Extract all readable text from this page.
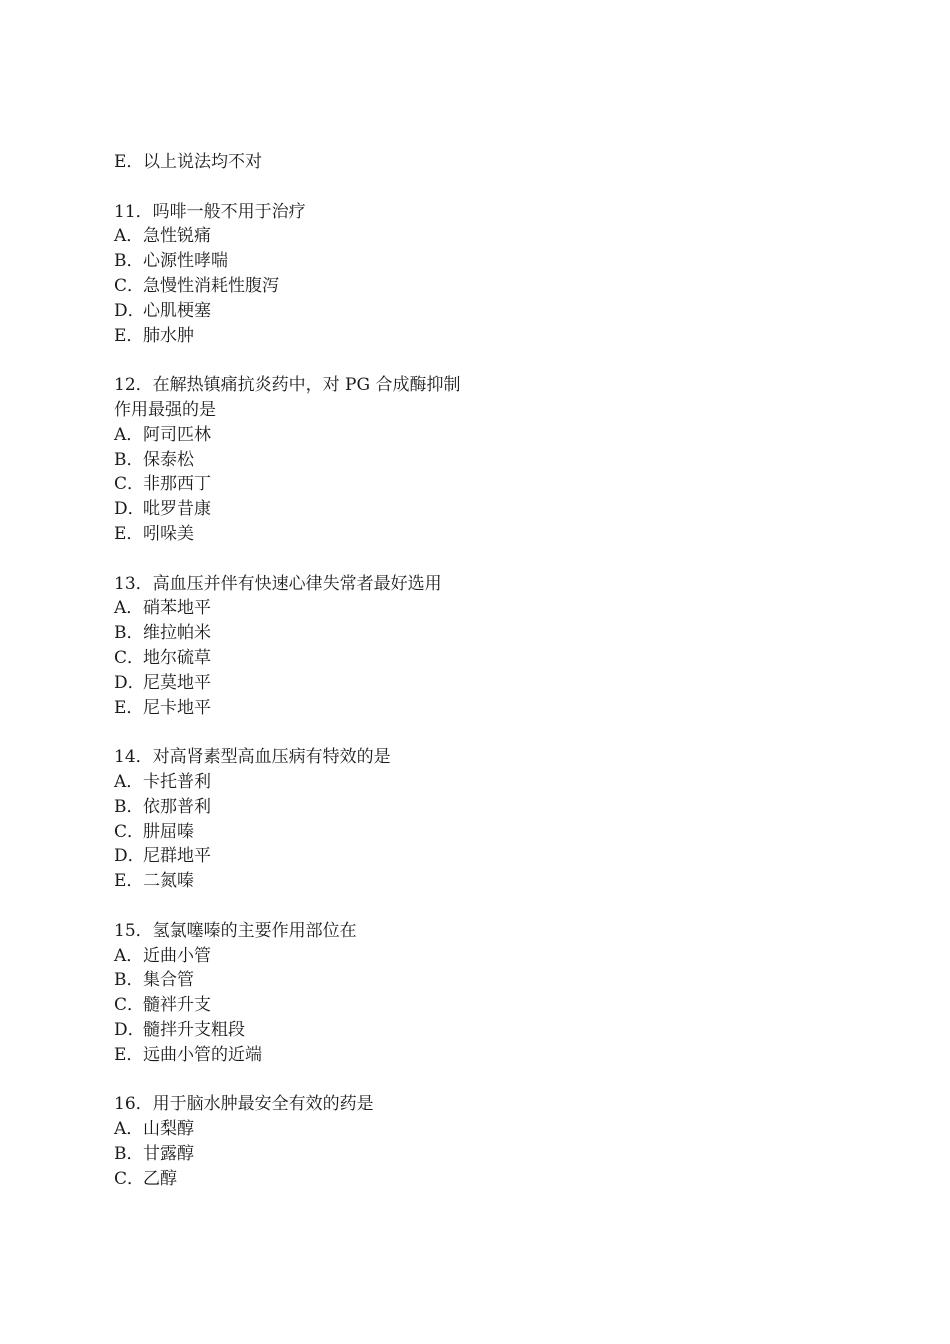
E． 以上说法均不对
11．吗啡一般不用于治疗
A． 急性锐痛
B． 心源性哮喘
C．
急慢性消耗性腹泻
D．
心肌梗塞
E． 肺水肿
12．在解热镇痛抗炎药中，对 PG 合成酶抑制
作用最强的是
A． 阿司匹林
B． 保泰松
C．
非那西丁
D．
吡罗昔康
E． 吲哚美
13．高血压并伴有快速心律失常者最好选用
A． 硝苯地平
B． 维拉帕米
C．
地尔硫草
D．
尼莫地平
E． 尼卡地平
14．对高肾素型高血压病有特效的是
A． 卡托普利
B． 依那普利
C．
肼屈嗪
D．
尼群地平
E． 二氮嗪
15．氢氯噻嗪的主要作用部位在
A． 近曲小管
B． 集合管
C．
髓袢升支
D．
髓拌升支粗段
E． 远曲小管的近端
16．用于脑水肿最安全有效的药是
A． 山梨醇
B． 甘露醇
C．
乙醇
